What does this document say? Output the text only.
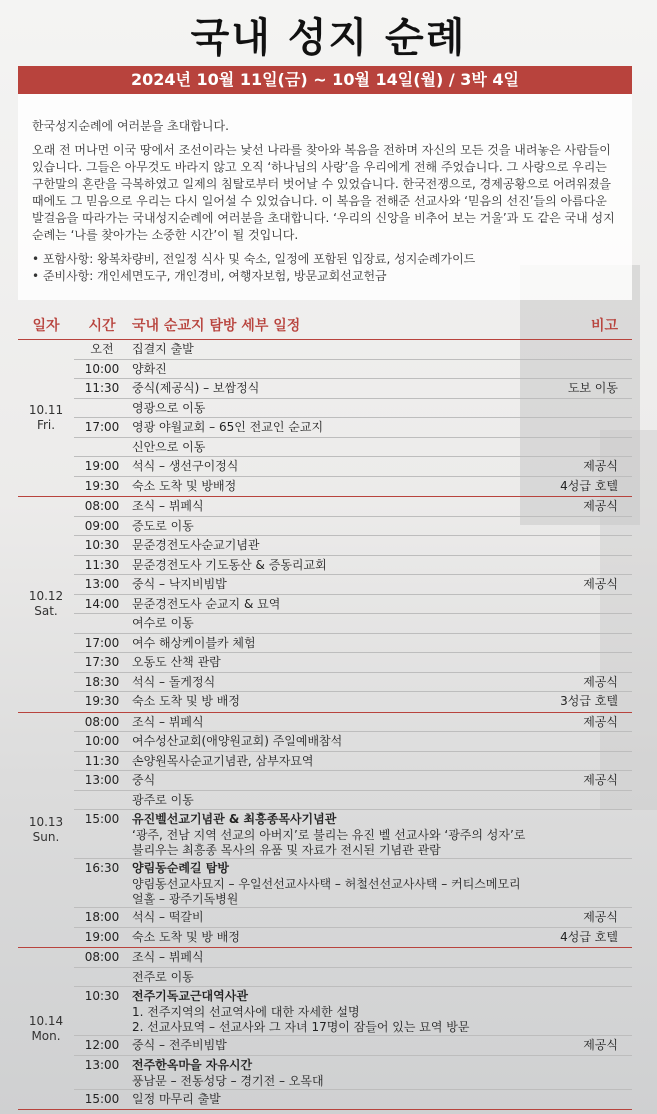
국내 성지 순례
2024년 10월 11일(금) ~ 10월 14일(월) / 3박 4일

한국성지순례에 여러분을 초대합니다.

오래 전 머나먼 이국 땅에서 조선이라는 낯선 나라를 찾아와 복음을 전하며 자신의 모든 것을 내려놓은 사람들이 있습니다. 그들은 아무것도 바라지 않고 오직 ‘하나님의 사랑’을 우리에게 전해 주었습니다. 그 사랑으로 우리는 구한말의 혼란을 극복하였고 일제의 침탈로부터 벗어날 수 있었습니다. 한국전쟁으로, 경제공황으로 어려워졌을 때에도 그 믿음으로 우리는 다시 일어설 수 있었습니다. 이 복음을 전해준 선교사와 ‘믿음의 선진’들의 아름다운 발걸음을 따라가는 국내성지순례에 여러분을 초대합니다. ‘우리의 신앙을 비추어 보는 거울’과 도 같은 국내 성지순례는 ‘나를 찾아가는 소중한 시간’이 될 것입니다.

• 포함사항: 왕복차량비, 전일정 식사 및 숙소, 일정에 포함된 입장료, 성지순례가이드
• 준비사항: 개인세면도구, 개인경비, 여행자보험, 방문교회선교헌금
일자	시간	국내 순교지 탐방 세부 일정	비고
10.11
Fri.
오전	집결지 출발
10:00	양화진
11:30	중식(제공식) – 보쌈정식	도보 이동
영광으로 이동
17:00	영광 야월교회 – 65인 전교인 순교지
신안으로 이동
19:00	석식 – 생선구이정식	제공식
19:30	숙소 도착 및 방배정	4성급 호텔
10.12
Sat.
08:00	조식 – 뷔페식	제공식
09:00	증도로 이동
10:30	문준경전도사순교기념관
11:30	문준경전도사 기도동산 & 증동리교회
13:00	중식 – 낙지비빔밥	제공식
14:00	문준경전도사 순교지 & 묘역
여수로 이동
17:00	여수 해상케이블카 체험
17:30	오동도 산책 관람
18:30	석식 – 돌게정식	제공식
19:30	숙소 도착 및 방 배정	3성급 호텔
10.13
Sun.
08:00	조식 – 뷔페식	제공식
10:00	여수성산교회(애양원교회) 주일예배참석
11:30	손양원목사순교기념관, 삼부자묘역
13:00	중식	제공식
광주로 이동
15:00	유진벨선교기념관 & 최흥종목사기념관
‘광주, 전남 지역 선교의 아버지’로 불리는 유진 벨 선교사와 ‘광주의 성자’로 불리우는 최흥종 목사의 유품 및 자료가 전시된 기념관 관람
16:30	양림동순례길 탐방
양림동선교사묘지 – 우일선선교사사택 – 허철선선교사사택 – 커티스메모리얼홀 – 광주기독병원
18:00	석식 – 떡갈비	제공식
19:00	숙소 도착 및 방 배정	4성급 호텔
10.14
Mon.
08:00	조식 – 뷔페식
전주로 이동
10:30	전주기독교근대역사관
1. 전주지역의 선교역사에 대한 자세한 설명
2. 선교사묘역 – 선교사와 그 자녀 17명이 잠들어 있는 묘역 방문
12:00	중식 – 전주비빔밥	제공식
13:00	전주한옥마을 자유시간
풍남문 – 전동성당 – 경기전 – 오목대
15:00	일정 마무리 출발
